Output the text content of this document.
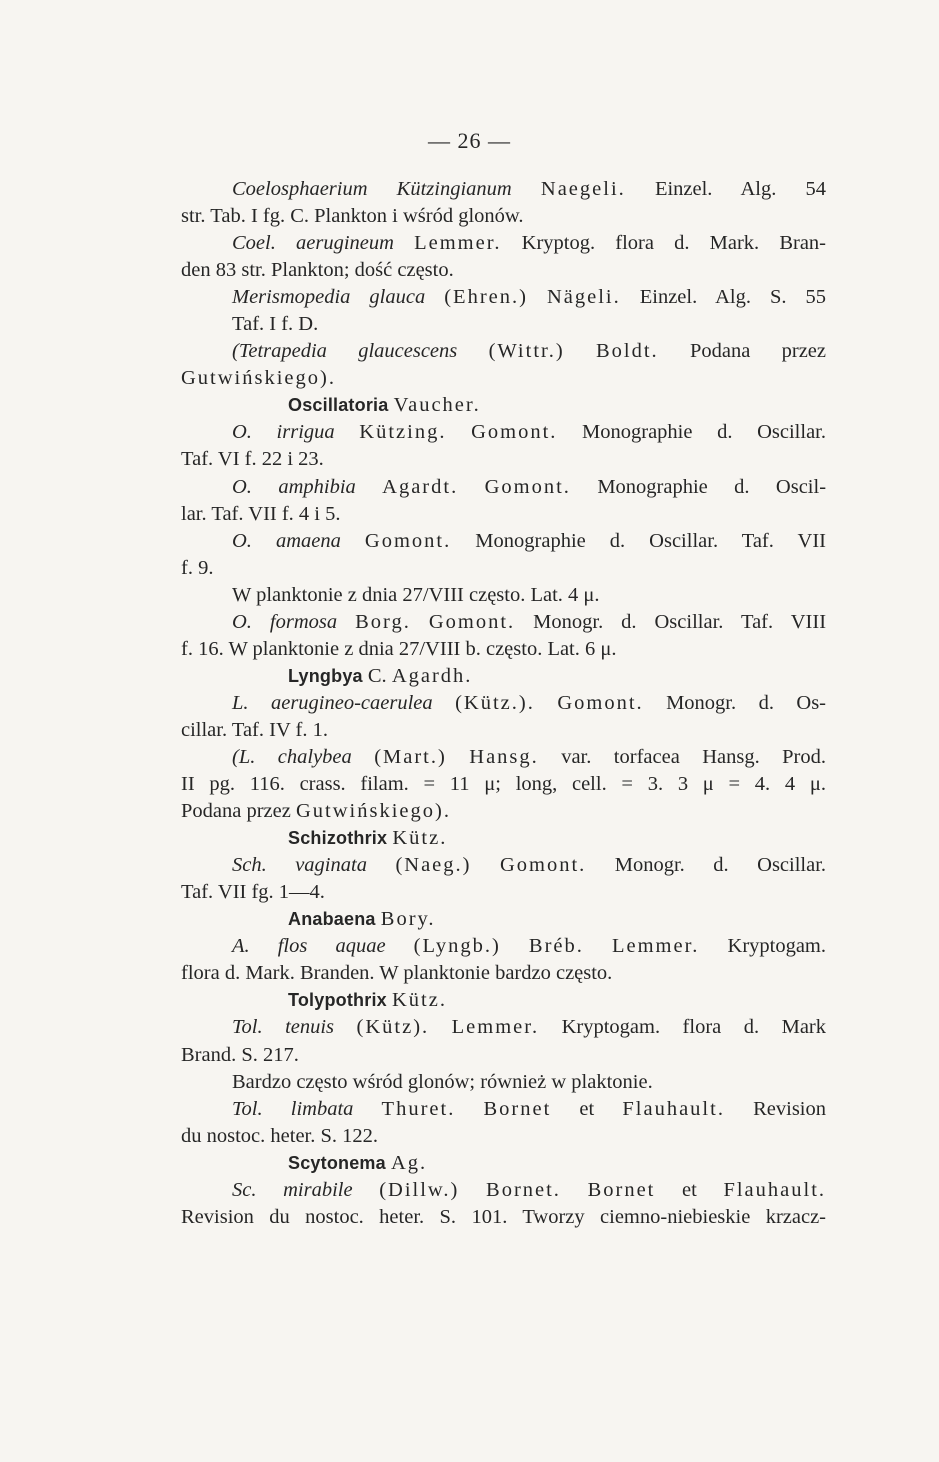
— 26 —
Coelosphaerium Kützingianum Naegeli. Einzel. Alg. 54
str. Tab. I fg. C. Plankton i wśród glonów.
Coel. aerugineum Lemmer. Kryptog. flora d. Mark. Bran-
den 83 str. Plankton; dość często.
Merismopedia glauca (Ehren.) Nägeli. Einzel. Alg. S. 55
Taf. I f. D.
(Tetrapedia glaucescens (Wittr.) Boldt. Podana przez
Gutwińskiego).
Oscillatoria Vaucher.
O. irrigua Kützing. Gomont. Monographie d. Oscillar.
Taf. VI f. 22 i 23.
O. amphibia Agardt. Gomont. Monographie d. Oscil-
lar. Taf. VII f. 4 i 5.
O. amaena Gomont. Monographie d. Oscillar. Taf. VII
f. 9.
W planktonie z dnia 27/VIII często. Lat. 4 μ.
O. formosa Borg. Gomont. Monogr. d. Oscillar. Taf. VIII
f. 16. W planktonie z dnia 27/VIII b. często. Lat. 6 μ.
Lyngbya C. Agardh.
L. aerugineo-caerulea (Kütz.). Gomont. Monogr. d. Os-
cillar. Taf. IV f. 1.
(L. chalybea (Mart.) Hansg. var. torfacea Hansg. Prod.
II pg. 116. crass. filam. = 11 μ; long, cell. = 3. 3 μ = 4. 4 μ.
Podana przez Gutwińskiego).
Schizothrix Kütz.
Sch. vaginata (Naeg.) Gomont. Monogr. d. Oscillar.
Taf. VII fg. 1—4.
Anabaena Bory.
A. flos aquae (Lyngb.) Bréb. Lemmer. Kryptogam.
flora d. Mark. Branden. W planktonie bardzo często.
Tolypothrix Kütz.
Tol. tenuis (Kütz). Lemmer. Kryptogam. flora d. Mark
Brand. S. 217.
Bardzo często wśród glonów; również w plaktonie.
Tol. limbata Thuret. Bornet et Flauhault. Revision
du nostoc. heter. S. 122.
Scytonema Ag.
Sc. mirabile (Dillw.) Bornet. Bornet et Flauhault.
Revision du nostoc. heter. S. 101. Tworzy ciemno-niebieskie krzacz-
